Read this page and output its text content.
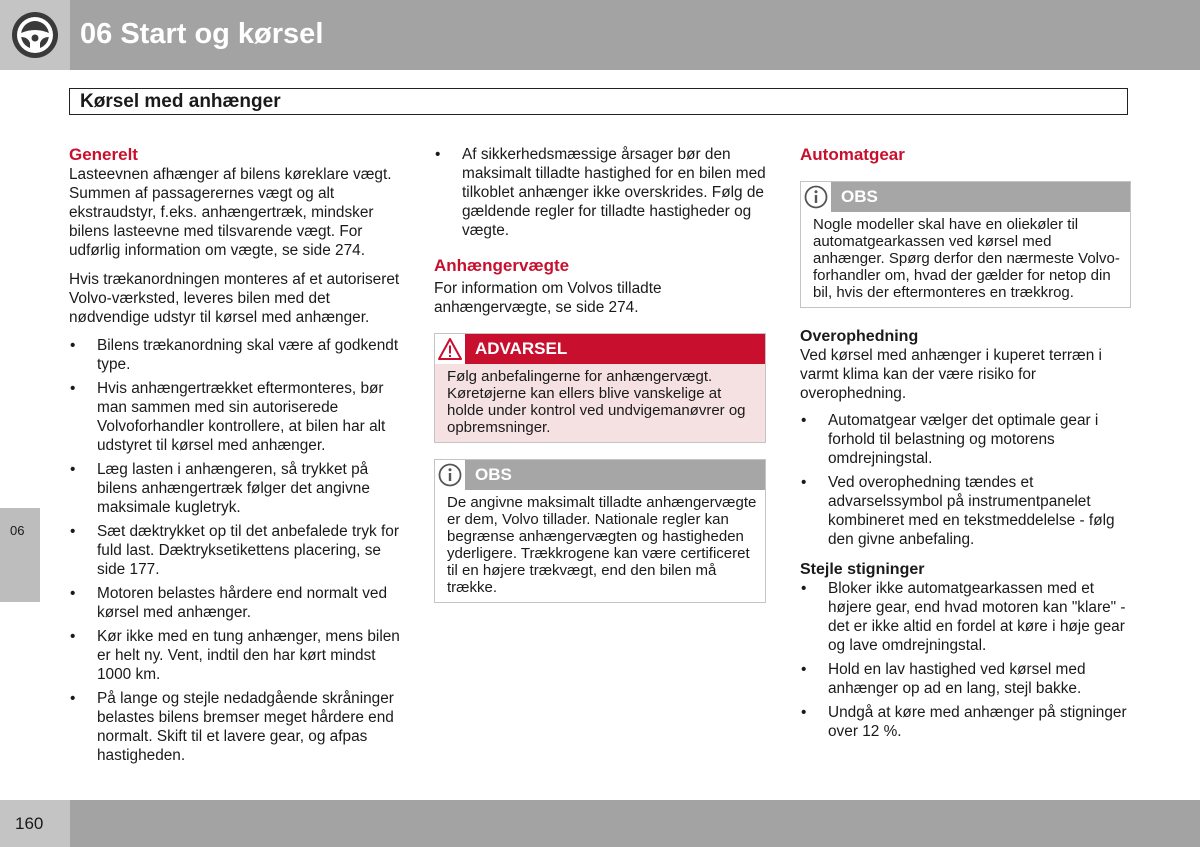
06 Start og kørsel
Kørsel med anhænger
Generelt

Lasteevnen afhænger af bilens køreklare vægt. Summen af passagerernes vægt og alt ekstraudstyr, f.eks. anhængertræk, mindsker bilens lasteevne med tilsvarende vægt. For udførlig information om vægte, se side 274.

Hvis trækanordningen monteres af et autoriseret Volvo-værksted, leveres bilen med det nødvendige udstyr til kørsel med anhænger.

• Bilens trækanordning skal være af godkendt type.
• Hvis anhængertrækket eftermonteres, bør man sammen med sin autoriserede Volvoforhandler kontrollere, at bilen har alt udstyret til kørsel med anhænger.
• Læg lasten i anhængeren, så trykket på bilens anhængertræk følger det angivne maksimale kugletryk.
• Sæt dæktrykket op til det anbefalede tryk for fuld last. Dæktryksetikettens placering, se side 177.
• Motoren belastes hårdere end normalt ved kørsel med anhænger.
• Kør ikke med en tung anhænger, mens bilen er helt ny. Vent, indtil den har kørt mindst 1000 km.
• På lange og stejle nedadgående skråninger belastes bilens bremser meget hårdere end normalt. Skift til et lavere gear, og afpas hastigheden.
• Af sikkerhedsmæssige årsager bør den maksimalt tilladte hastighed for en bilen med tilkoblet anhænger ikke overskrides. Følg de gældende regler for tilladte hastigheder og vægte.
Anhængervægte

For information om Volvos tilladte anhængervægte, se side 274.

ADVARSEL
Følg anbefalingerne for anhængervægt. Køretøjerne kan ellers blive vanskelige at holde under kontrol ved undvigemanøvrer og opbremsninger.
OBS
De angivne maksimalt tilladte anhængervægte er dem, Volvo tillader. Nationale regler kan begrænse anhængervægten og hastigheden yderligere. Trækkrogene kan være certificeret til en højere trækvægt, end den bilen må trække.
Automatgear
OBS
Nogle modeller skal have en oliekøler til automatgearkassen ved kørsel med anhænger. Spørg derfor den nærmeste Volvo-forhandler om, hvad der gælder for netop din bil, hvis der eftermonteres en trækkrog.
Overophedning

Ved kørsel med anhænger i kuperet terræn i varmt klima kan der være risiko for overophedning.

• Automatgear vælger det optimale gear i forhold til belastning og motorens omdrejningstal.
• Ved overophedning tændes et advarselssymbol på instrumentpanelet kombineret med en tekstmeddelelse - følg den givne anbefaling.
Stejle stigninger
• Bloker ikke automatgearkassen med et højere gear, end hvad motoren kan "klare" - det er ikke altid en fordel at køre i høje gear og lave omdrejningstal.
• Hold en lav hastighed ved kørsel med anhænger op ad en lang, stejl bakke.
• Undgå at køre med anhænger på stigninger over 12 %.
06
160
